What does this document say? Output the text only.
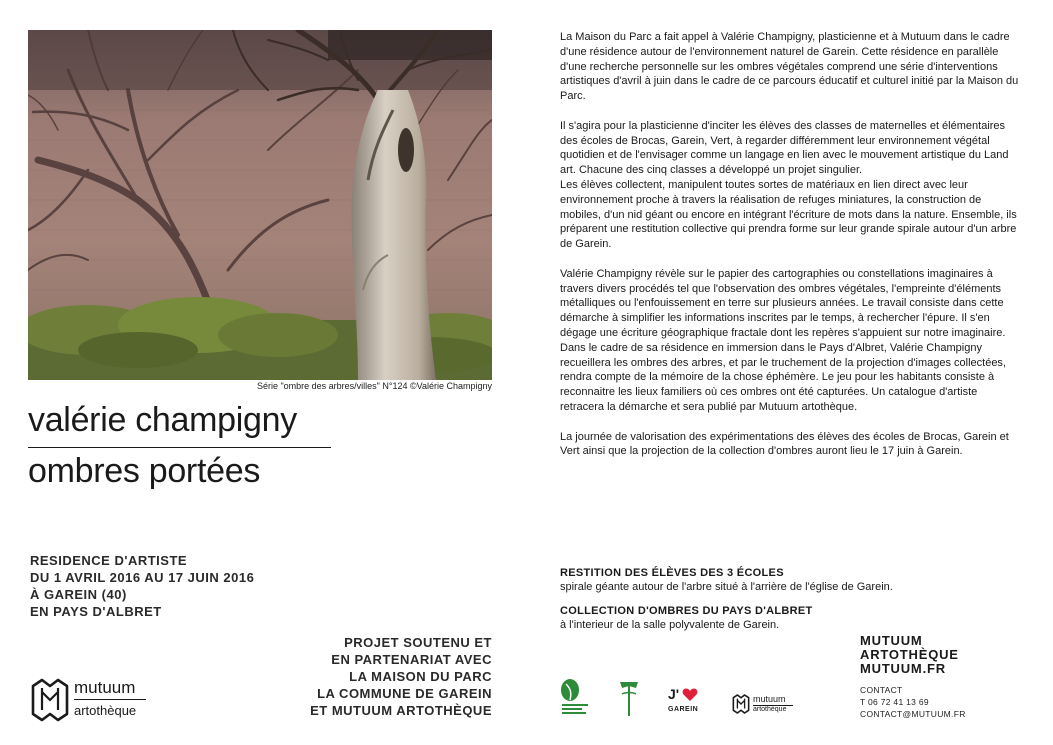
Série "ombre des arbres/villes" N°124 ©Valérie Champigny
valérie champigny
ombres portées
RESIDENCE D'ARTISTE
DU 1 AVRIL 2016 AU 17 JUIN 2016
À GAREIN (40)
EN PAYS D'ALBRET
PROJET SOUTENU ET
EN PARTENARIAT AVEC
LA MAISON DU PARC
LA COMMUNE DE GAREIN
ET MUTUUM ARTOTHÈQUE
mutuum
artothèque

La Maison du Parc a fait appel à Valérie Champigny, plasticienne et à Mutuum dans le cadre d'une résidence autour de l'environnement naturel de Garein. Cette résidence en parallèle d'une recherche personnelle sur les ombres végétales comprend une série d'interventions artistiques d'avril à juin dans le cadre de ce parcours éducatif et culturel initié par la Maison du Parc.

Il s'agira pour la plasticienne d'inciter les élèves des classes de maternelles et élémentaires des écoles de Brocas, Garein, Vert, à regarder différemment leur environnement végétal quotidien et de l'envisager comme un langage en lien avec le mouvement artistique du Land art. Chacune des cinq classes a développé un projet singulier.
Les élèves collectent, manipulent toutes sortes de matériaux en lien direct avec leur environnement proche à travers la réalisation de refuges miniatures, la construction de mobiles, d'un nid géant ou encore en intégrant l'écriture de mots dans la nature. Ensemble, ils préparent une restitution collective qui prendra forme sur leur grande spirale autour d'un arbre de Garein.

Valérie Champigny révèle sur le papier des cartographies ou constellations imaginaires à travers divers procédés tel que l'observation des ombres végétales, l'empreinte d'éléments métalliques ou l'enfouissement en terre sur plusieurs années. Le travail consiste dans cette démarche à simplifier les informations inscrites par le temps, à rechercher l'épure. Il s'en dégage une écriture géographique fractale dont les repères s'appuient sur notre imaginaire.
Dans le cadre de sa résidence en immersion dans le Pays d'Albret, Valérie Champigny recueillera les ombres des arbres, et par le truchement de la projection d'images collectées, rendra compte de la mémoire de la chose éphémère. Le jeu pour les habitants consiste à reconnaitre les lieux familiers où ces ombres ont été capturées. Un catalogue d'artiste retracera la démarche et sera publié par Mutuum artothèque.

La journée de valorisation des expérimentations des élèves des écoles de Brocas, Garein et Vert ainsi que la projection de la collection d'ombres auront lieu le 17 juin à Garein.

RESTITION DES ÉLÈVES DES 3 ÉCOLES
spirale géante autour de l'arbre situé à l'arrière de l'église de Garein.
COLLECTION D'OMBRES DU PAYS D'ALBRET
à l'interieur de la salle polyvalente de Garein.
J'
GAREIN
mutuum
artothèque
MUTUUM
ARTOTHÈQUE
MUTUUM.FR
CONTACT
T 06 72 41 13 69
CONTACT@MUTUUM.FR
